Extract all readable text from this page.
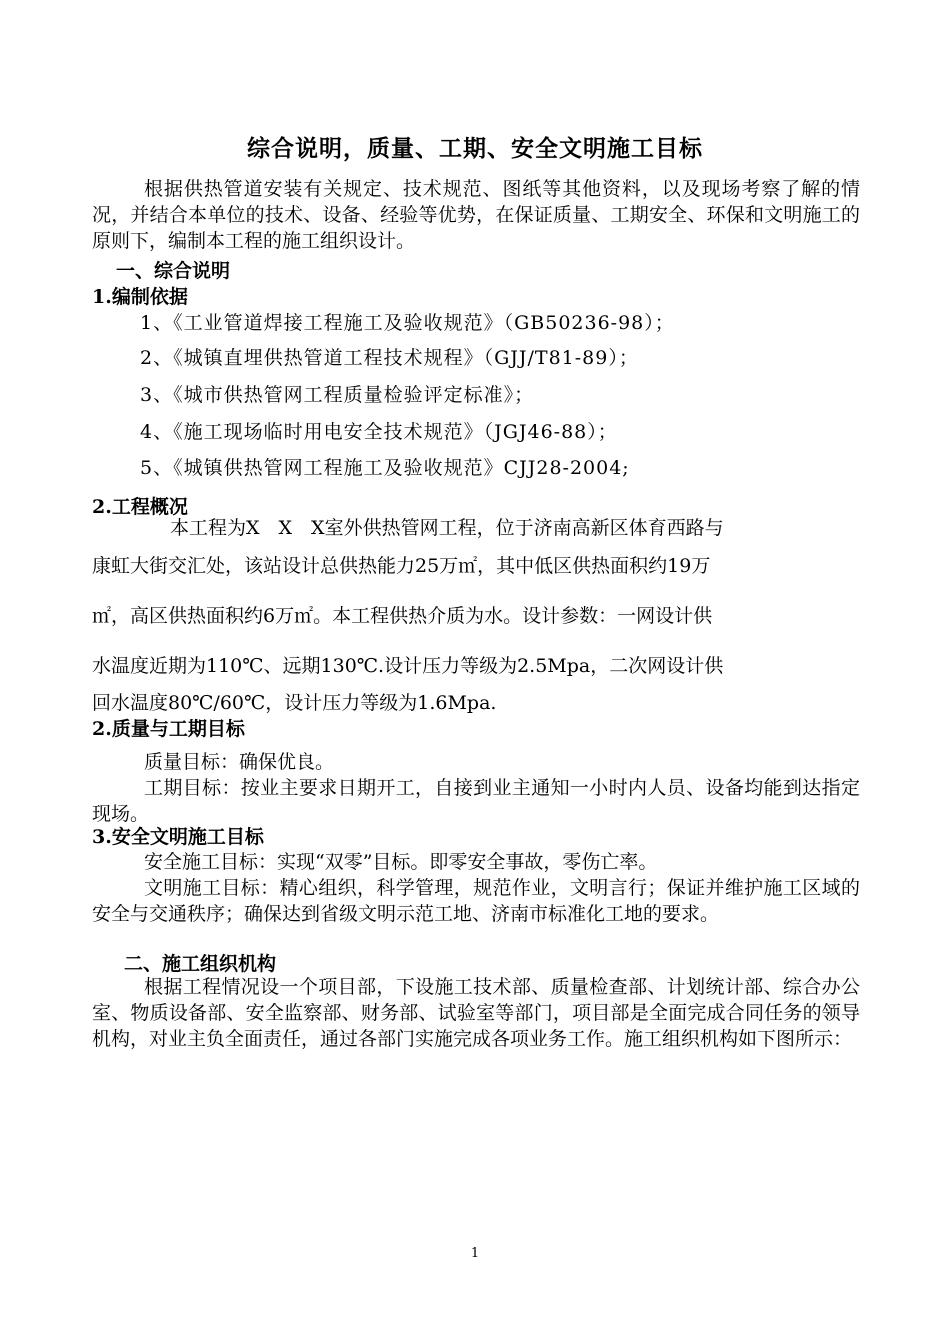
综合说明，质量、工期、安全文明施工目标
根据供热管道安装有关规定、技术规范、图纸等其他资料，以及现场考察了解的情况，并结合本单位的技术、设备、经验等优势，在保证质量、工期安全、环保和文明施工的原则下，编制本工程的施工组织设计。
一、综合说明
1.编制依据
1、《工业管道焊接工程施工及验收规范》（GB50236-98）；
2、《城镇直埋供热管道工程技术规程》（GJJ/T81-89）；
3、《城市供热管网工程质量检验评定标准》；
4、《施工现场临时用电安全技术规范》（JGJ46-88）；
5、《城镇供热管网工程施工及验收规范》CJJ28-2004;
2.工程概况
本工程为X　X　X室外供热管网工程，位于济南高新区体育西路与
康虹大街交汇处，该站设计总供热能力25万㎡，其中低区供热面积约19万
㎡，高区供热面积约6万㎡。本工程供热介质为水。设计参数：一网设计供
水温度近期为110℃、远期130℃.设计压力等级为2.5Mpa，二次网设计供
回水温度80℃/60℃，设计压力等级为1.6Mpa.
2.质量与工期目标
质量目标：确保优良。
工期目标：按业主要求日期开工，自接到业主通知一小时内人员、设备均能到达指定现场。
3.安全文明施工目标
安全施工目标：实现“双零”目标。即零安全事故，零伤亡率。
文明施工目标：精心组织，科学管理，规范作业，文明言行；保证并维护施工区域的安全与交通秩序；确保达到省级文明示范工地、济南市标准化工地的要求。
二、施工组织机构
根据工程情况设一个项目部，下设施工技术部、质量检查部、计划统计部、综合办公室、物质设备部、安全监察部、财务部、试验室等部门，项目部是全面完成合同任务的领导机构，对业主负全面责任，通过各部门实施完成各项业务工作。施工组织机构如下图所示：
1
